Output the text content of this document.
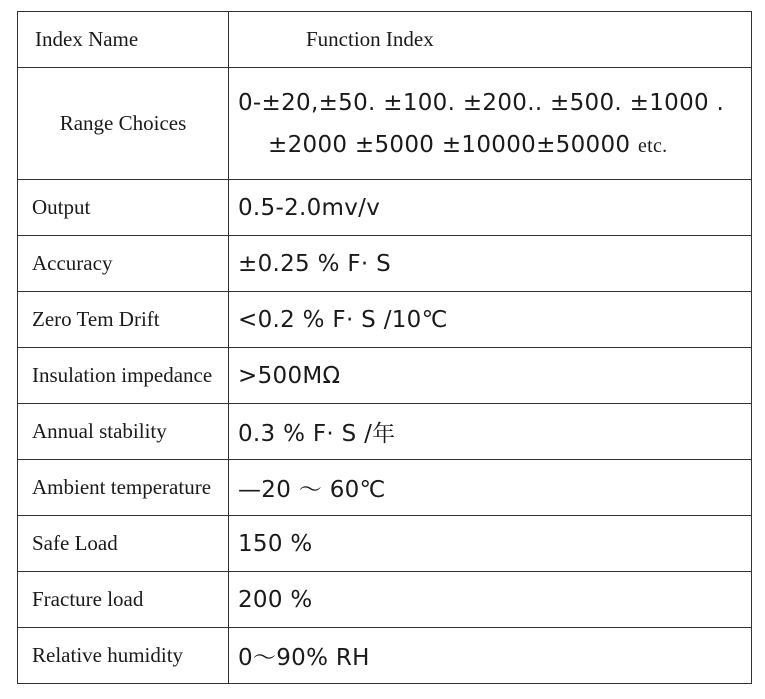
Index Name	Function Index
Range Choices	0-±20,±50. ±100. ±200.. ±500. ±1000 .
±2000 ±5000 ±10000±50000 etc.

Output	0.5-2.0mv/v
Accuracy	±0.25 % F· S
Zero Tem Drift	<0.2 % F· S /10℃
Insulation impedance	>500MΩ
Annual stability	0.3 % F· S /年
Ambient temperature	—20 ～ 60℃
Safe Load	150 %
Fracture load	200 %
Relative humidity	0～90% RH
